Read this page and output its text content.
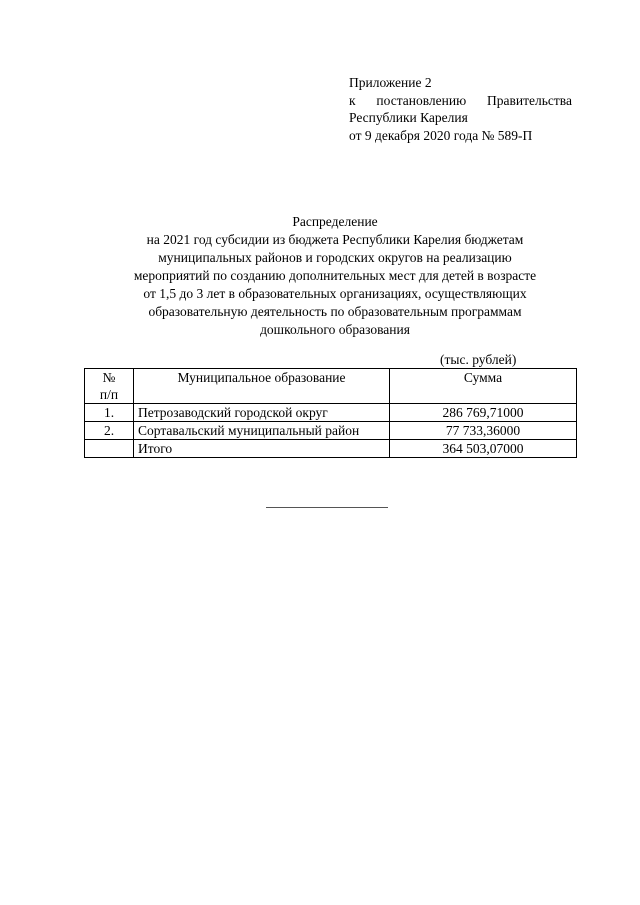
Приложение 2
к постановлению Правительства
Республики Карелия
от 9 декабря 2020 года № 589-П
Распределение
на 2021 год субсидии из бюджета Республики Карелия бюджетам
муниципальных районов и городских округов на реализацию
мероприятий по созданию дополнительных мест для детей в возрасте
от 1,5 до 3 лет в образовательных организациях, осуществляющих
образовательную деятельность по образовательным программам
дошкольного образования
(тыс. рублей)
№
п/п	Муниципальное образование	Сумма
1.	Петрозаводский городской округ	286 769,71000
2.	Сортавальский муниципальный район	77 733,36000
	Итого	364 503,07000
